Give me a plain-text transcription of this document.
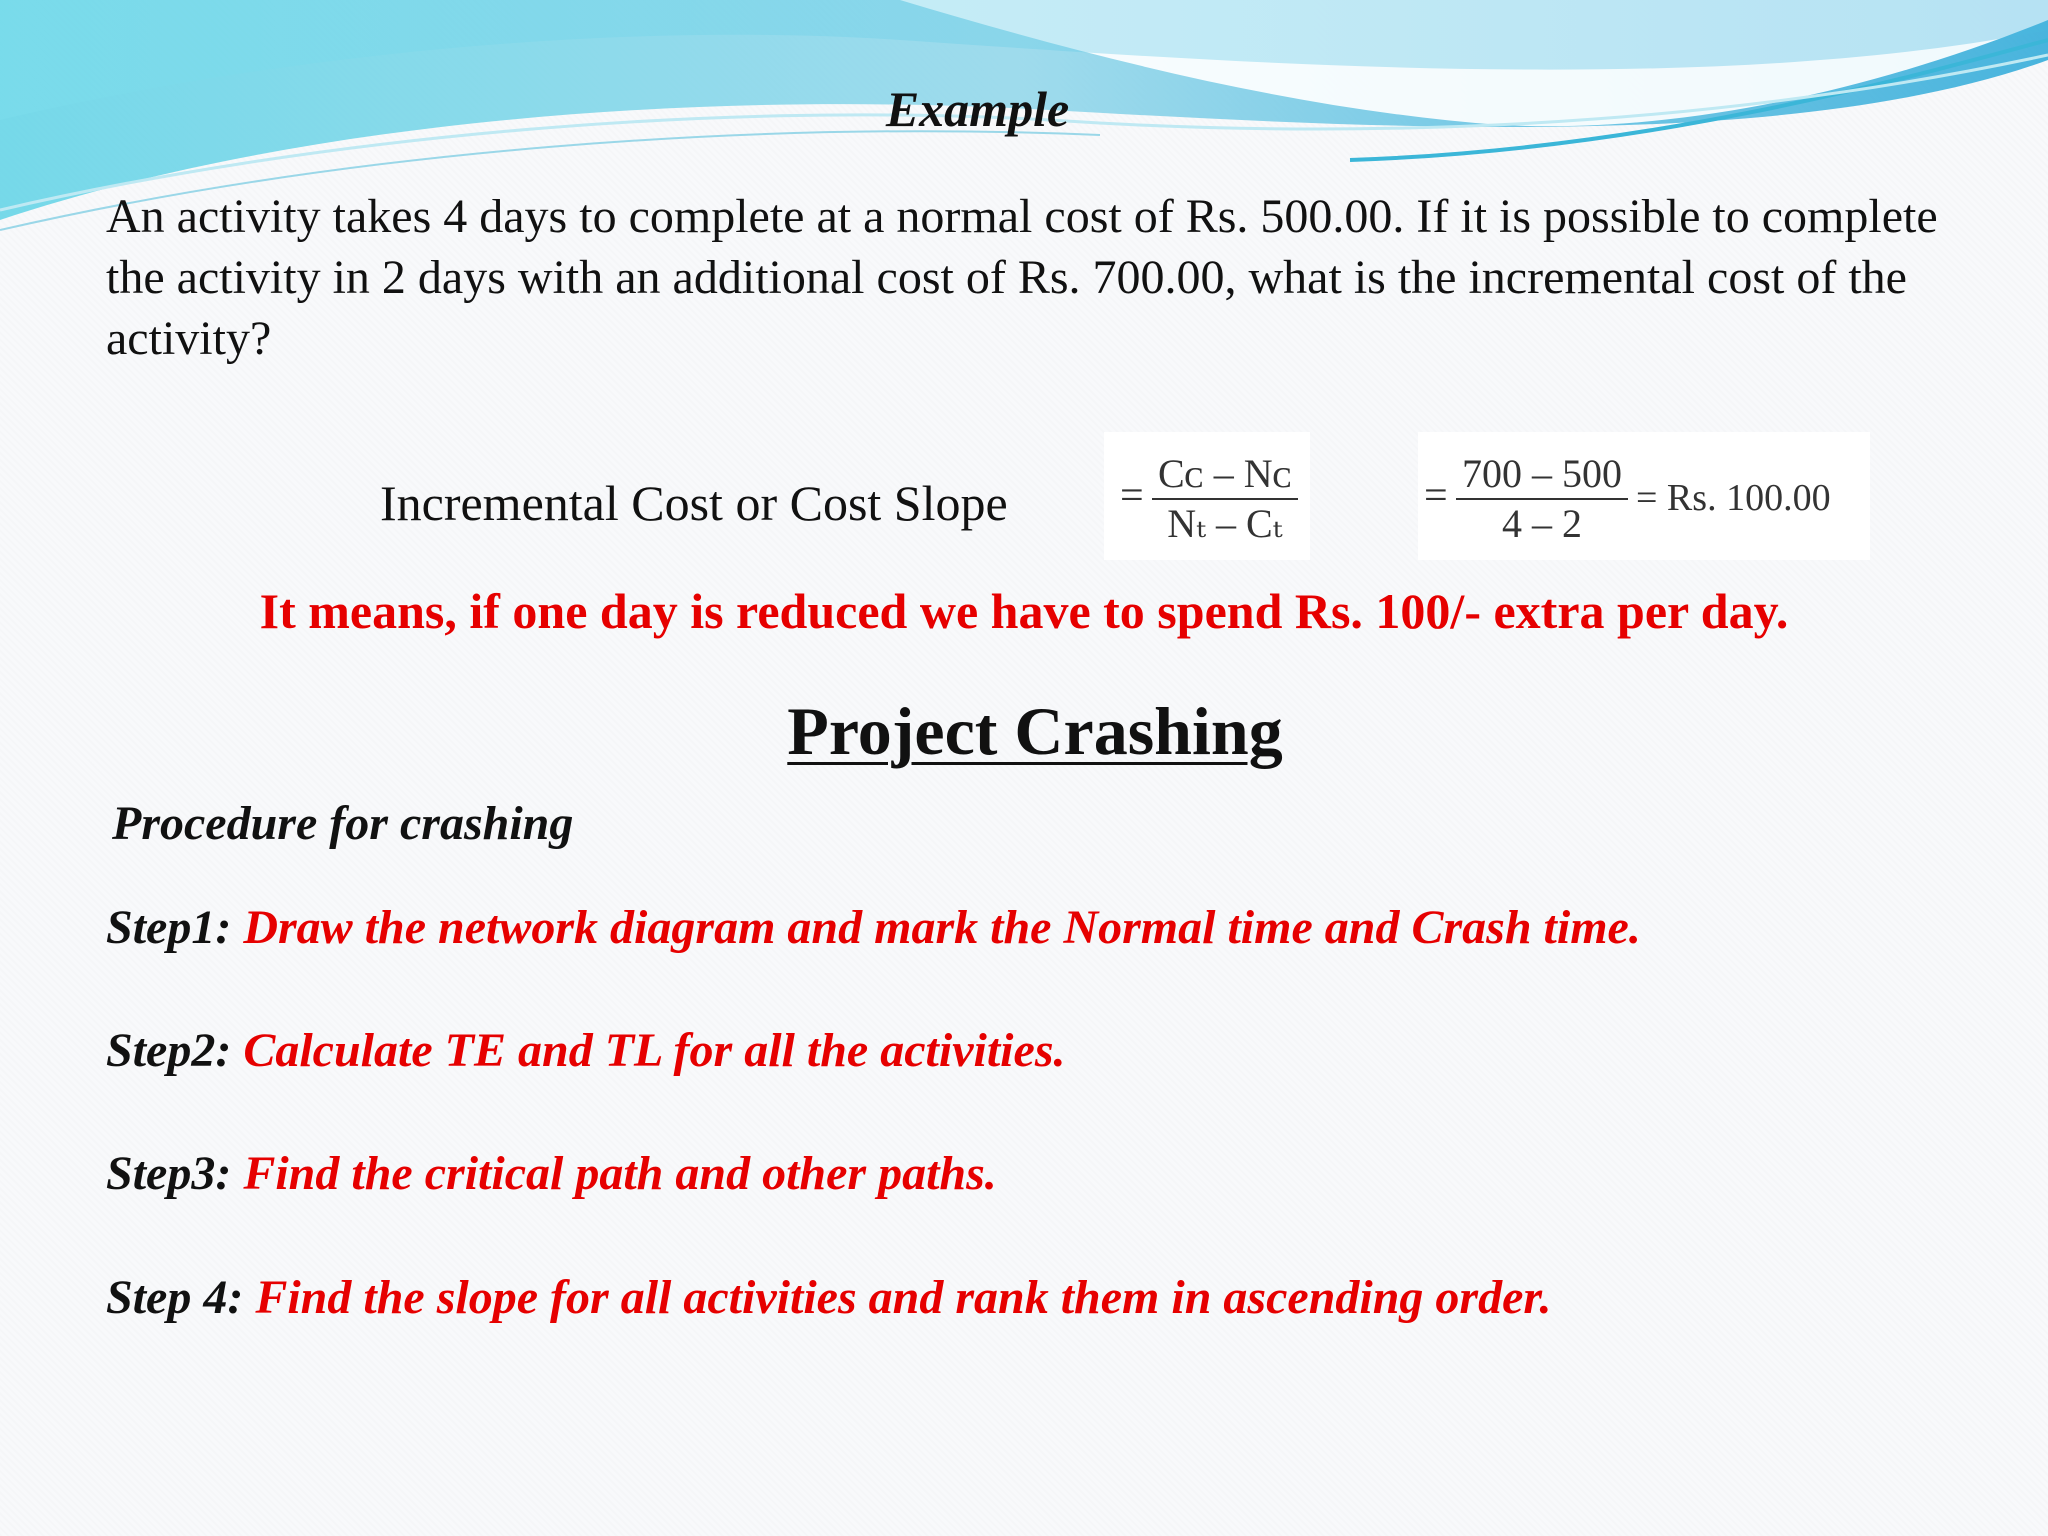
Example
An activity takes 4 days to complete at a normal cost of Rs. 500.00. If it is possible to complete the activity in 2 days with an additional cost of Rs. 700.00, what is the incremental cost of the activity?
Incremental Cost or Cost Slope	= Cᴄ – Nᴄ
Nₜ – Cₜ
= 700 – 500
4 – 2
= Rs. 100.00
It means, if one day is reduced we have to spend Rs. 100/- extra per day.
Project Crashing
Procedure for crashing
Step1: Draw the network diagram and mark the Normal time and Crash time.
Step2: Calculate TE and TL for all the activities.
Step3: Find the critical path and other paths.
Step 4: Find the slope for all activities and rank them in ascending order.
